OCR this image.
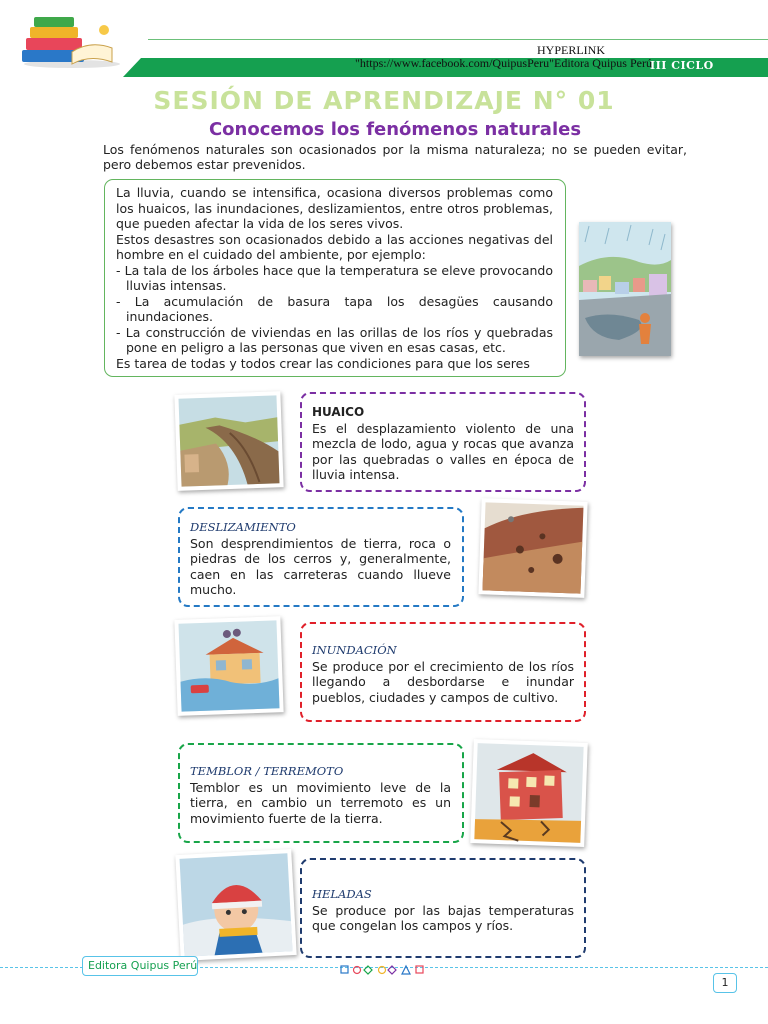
HYPERLINK
"https://www.facebook.com/QuipusPeru"Editora Quipus Perú
III CICLO
SESIÓN DE APRENDIZAJE N° 01
Conocemos los fenómenos naturales
Los fenómenos naturales son ocasionados por la misma naturaleza; no se pueden evitar, pero debemos estar prevenidos.

La lluvia, cuando se intensifica, ocasiona diversos problemas como los huaicos, las inundaciones, deslizamientos, entre otros problemas, que pueden afectar la vida de los seres vivos.

Estos desastres son ocasionados debido a las acciones negativas del hombre en el cuidado del ambiente, por ejemplo:

- La tala de los árboles hace que la temperatura se eleve provocando lluvias intensas.

- La acumulación de basura tapa los desagües causando inundaciones.

- La construcción de viviendas en las orillas de los ríos y quebradas pone en peligro a las personas que viven en esas casas, etc.

Es tarea de todas y todos crear las condiciones para que los seres

HUAICO
Es el desplazamiento violento de una mezcla de lodo, agua y rocas que avanza por las quebradas o valles en época de lluvia intensa.
DESLIZAMIENTO
Son desprendimientos de tierra, roca o piedras de los cerros y, generalmente, caen en las carreteras cuando llueve mucho.
INUNDACIÓN
Se produce por el crecimiento de los ríos llegando a desbordarse e inundar pueblos, ciudades y campos de cultivo.
TEMBLOR / TERREMOTO
Temblor es un movimiento leve de la tierra, en cambio un terremoto es un movimiento fuerte de la tierra.
HELADAS
Se produce por las bajas temperaturas que congelan los campos y ríos.
Editora Quipus Perú
1
